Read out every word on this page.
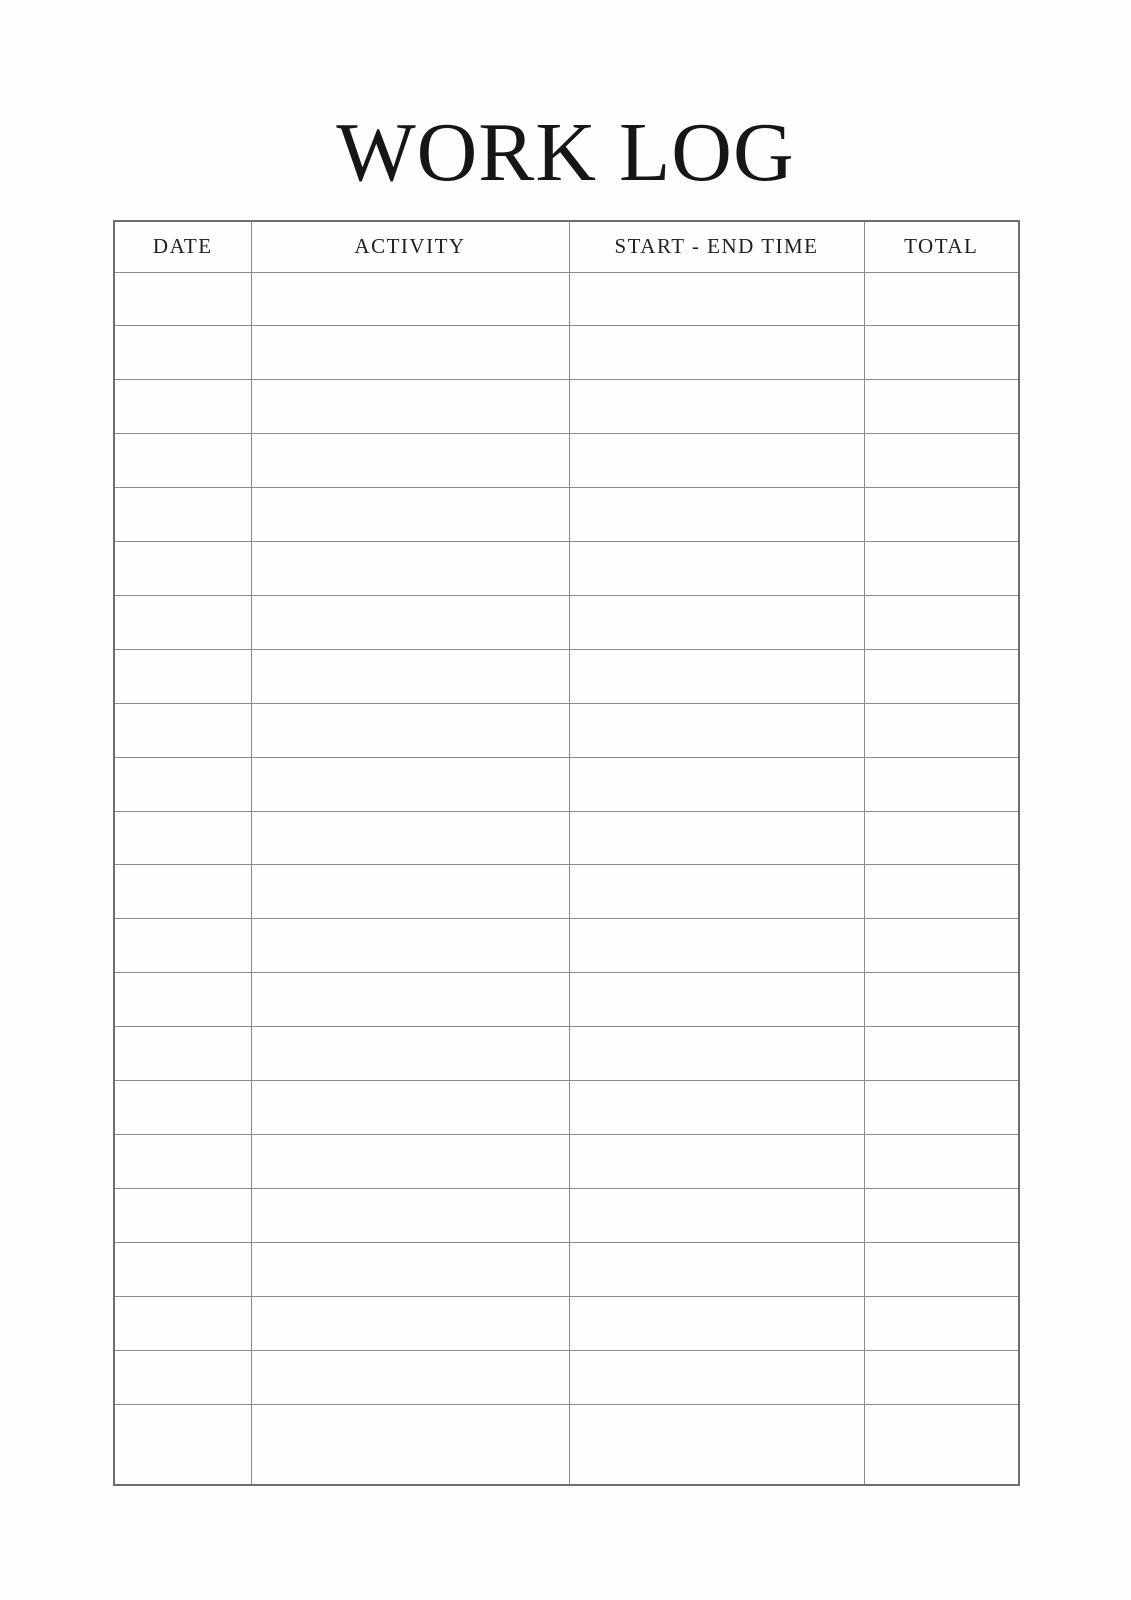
WORK LOG
DATE	ACTIVITY	START - END TIME	TOTAL
